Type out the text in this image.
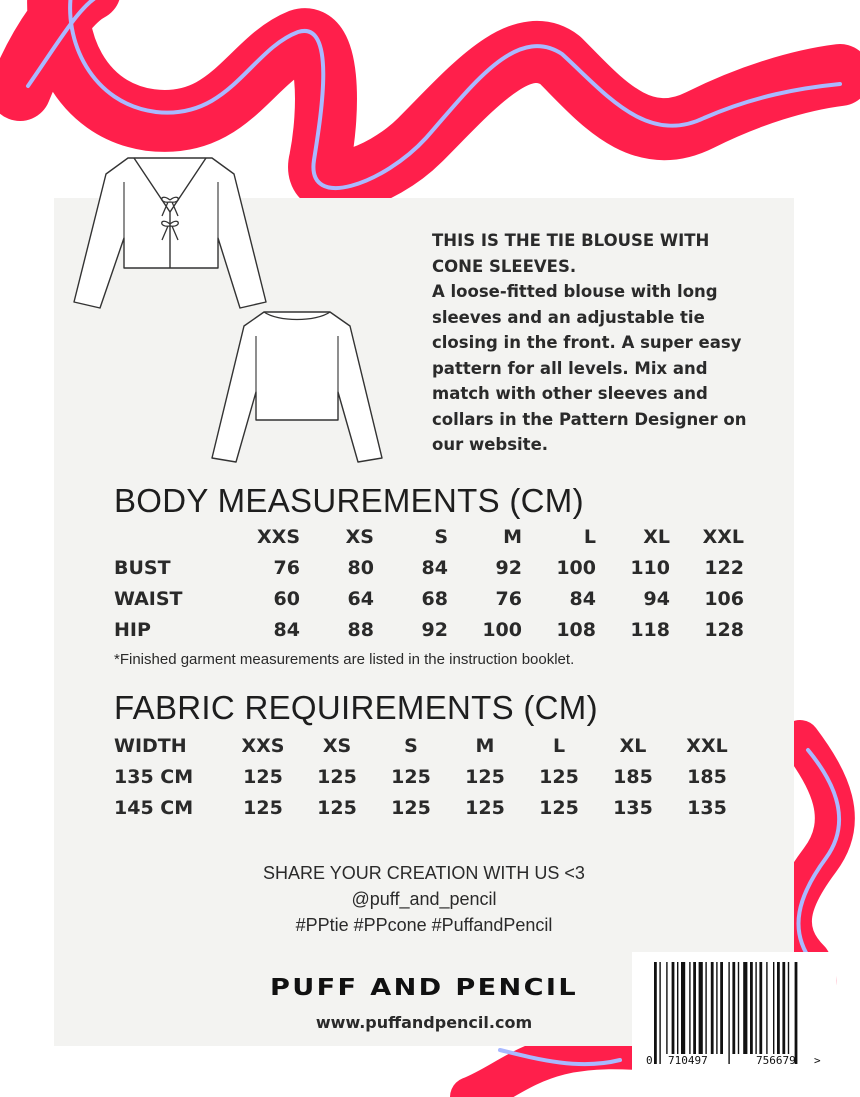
THIS IS THE TIE BLOUSE WITH

CONE SLEEVES.

A loose-fitted blouse with long

sleeves and an adjustable tie

closing in the front. A super easy

pattern for all levels. Mix and

match with other sleeves and

collars in the Pattern Designer on

our website.

BODY MEASUREMENTS (CM)
	XXS	XS	S	M	L	XL	XXL
BUST	76	80	84	92	100	110	122
WAIST	60	64	68	76	84	94	106
HIP	84	88	92	100	108	118	128
*Finished garment measurements are listed in the instruction booklet.
FABRIC REQUIREMENTS (CM)
WIDTH	XXS	XS	S	M	L	XL	XXL
135 CM	125	125	125	125	125	185	185
145 CM	125	125	125	125	125	135	135

SHARE YOUR CREATION WITH US <3

@puff_and_pencil

#PPtie #PPcone #PuffandPencil

PUFF AND PENCIL
www.puffandpencil.com
0 710497	756679 >
